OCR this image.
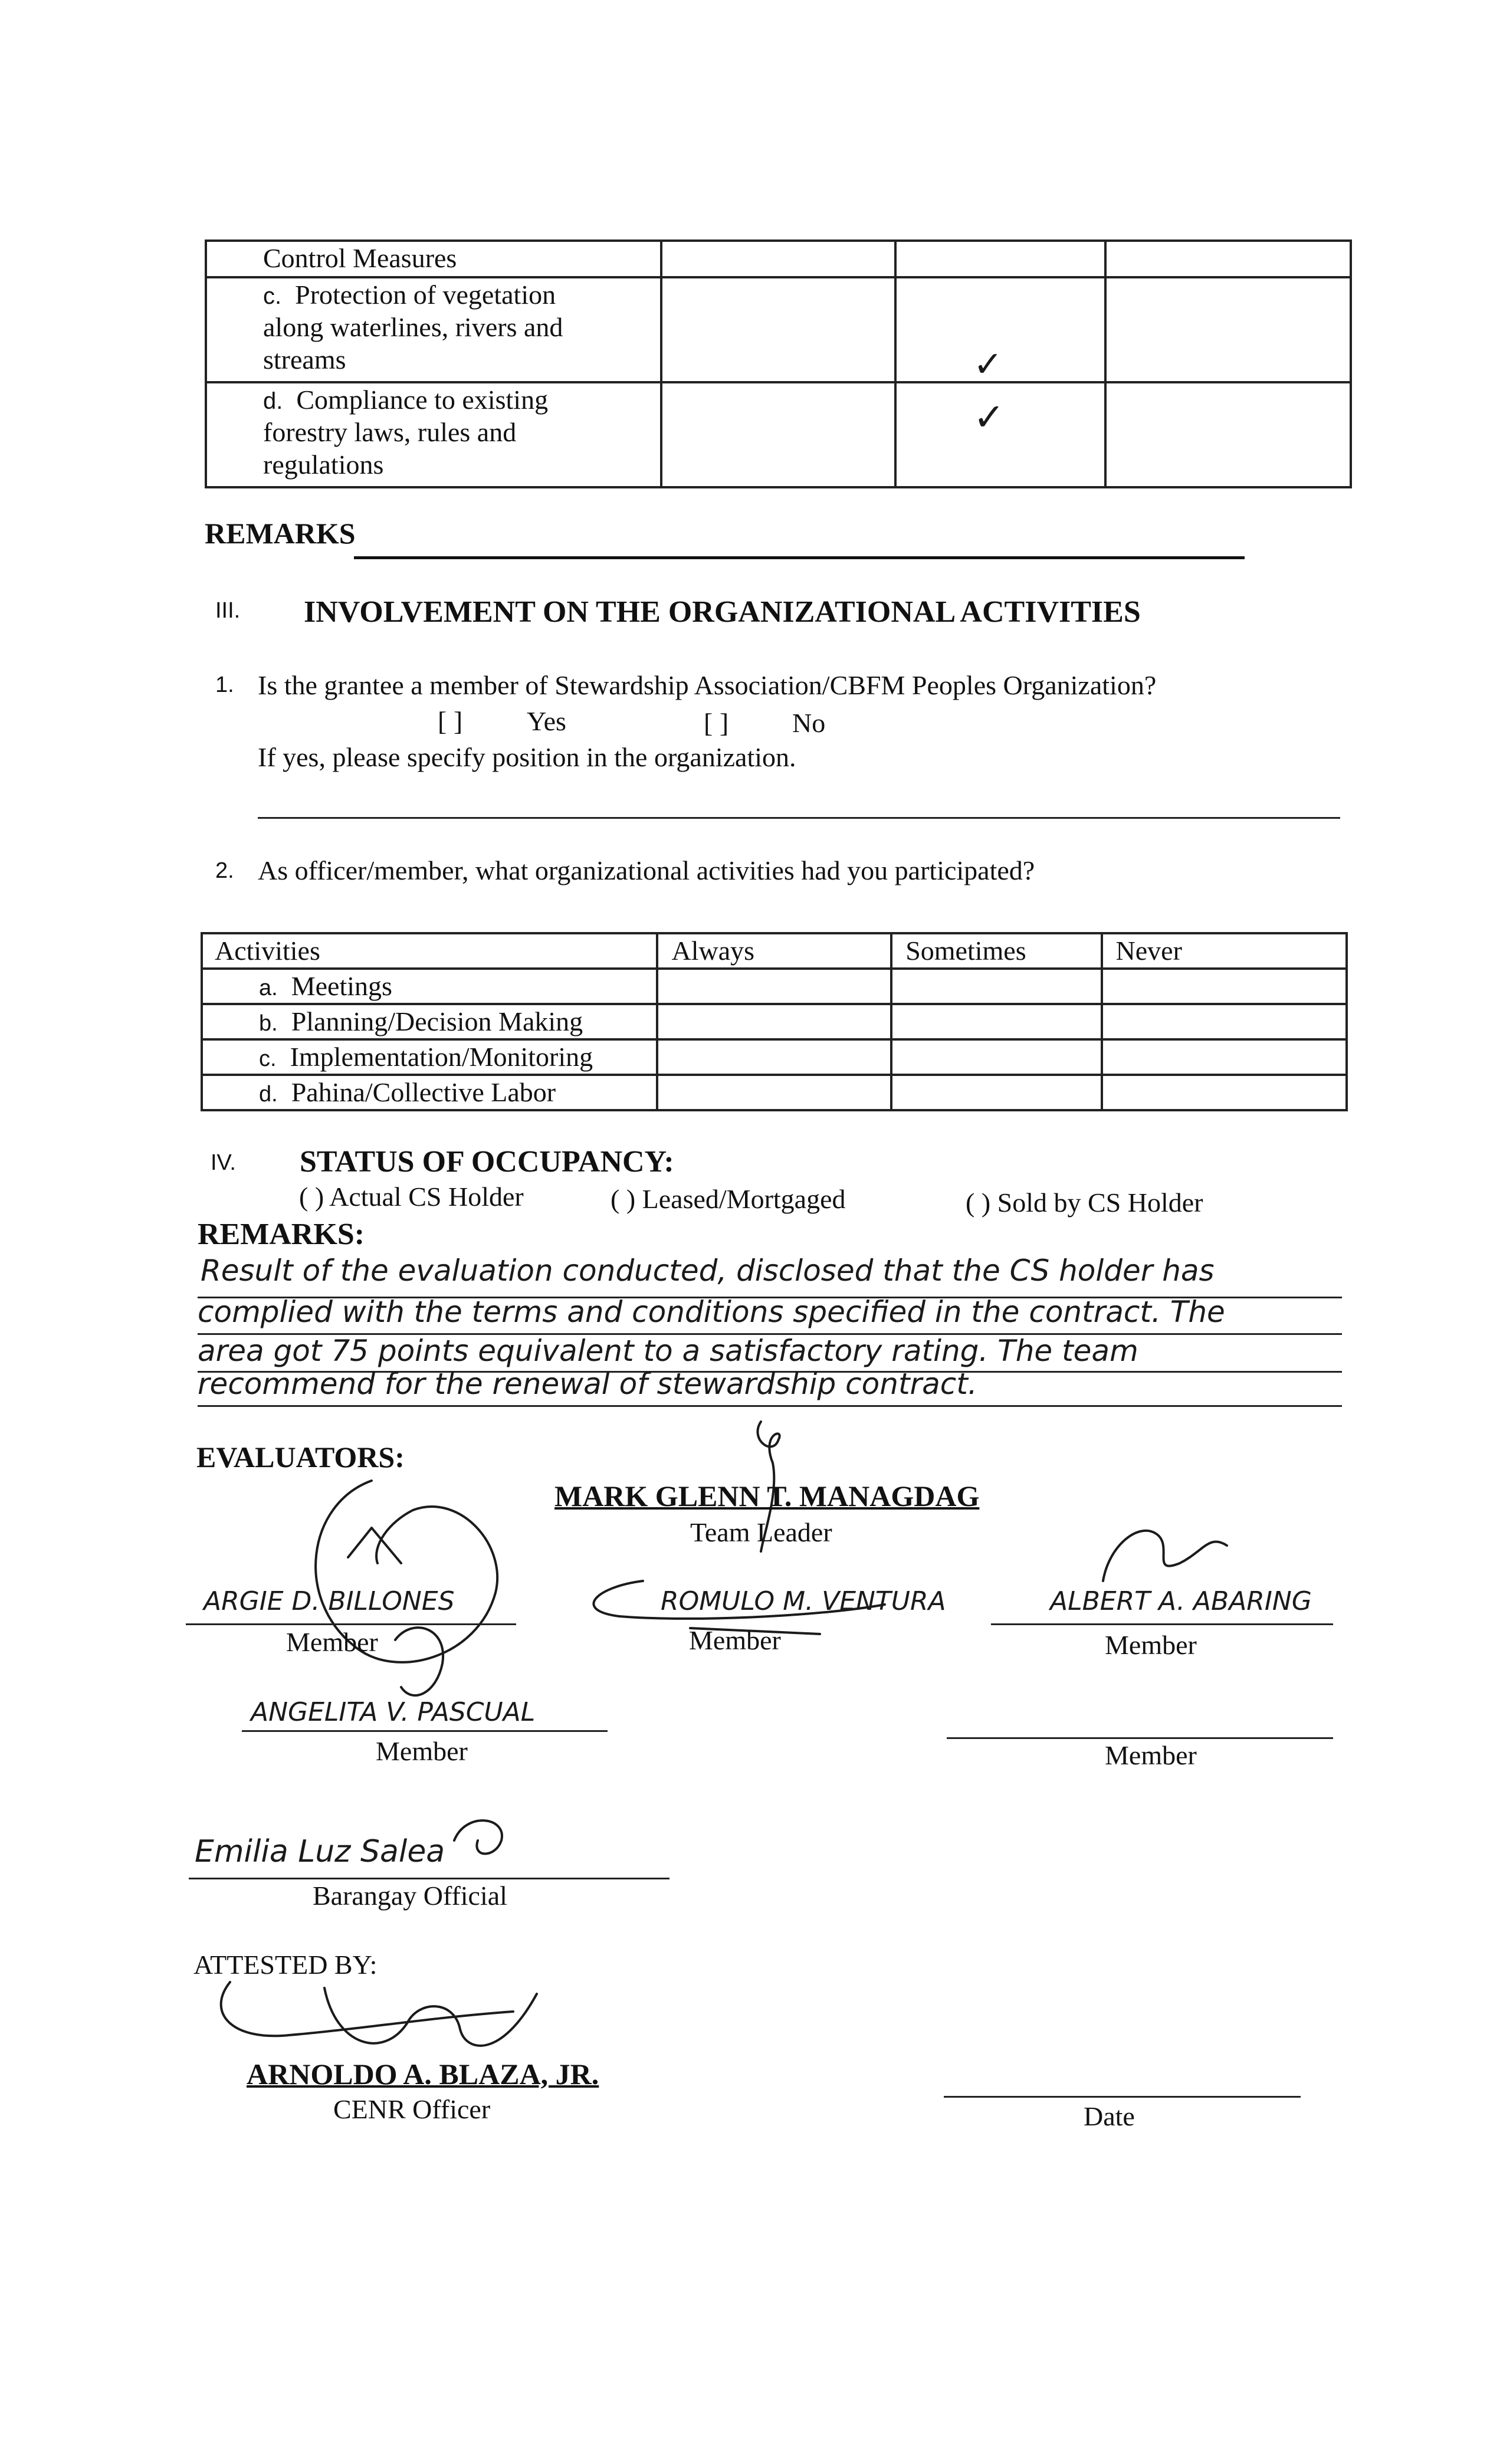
Control Measures			

c. Protection of vegetation
along waterlines, rivers and
streams		✓	

d. Compliance to existing
forestry laws, rules and
regulations		✓	

REMARKS
III. INVOLVEMENT ON THE ORGANIZATIONAL ACTIVITIES
1. Is the grantee a member of Stewardship Association/CBFM Peoples Organization?
[ ] Yes	[ ] No
If yes, please specify position in the organization.
2. As officer/member, what organizational activities had you participated?
Activities	Always	Sometimes	Never
a. Meetings			
b. Planning/Decision Making			
c. Implementation/Monitoring			
d. Pahina/Collective Labor			
IV. STATUS OF OCCUPANCY:
( ) Actual CS Holder	( ) Leased/Mortgaged	( ) Sold by CS Holder
REMARKS:
Result of the evaluation conducted, disclosed that the CS holder has
complied with the terms and conditions specified in the contract. The
area got 75 points equivalent to a satisfactory rating. The team
recommend for the renewal of stewardship contract.
EVALUATORS:
MARK GLENN T. MANAGDAG
Team Leader
ARGIE D. BILLONES
Member
ROMULO M. VENTURA
Member
ALBERT A. ABARING
Member
ANGELITA V. PASCUAL
Member	Member
Emilia Luz Salea
Barangay Official
ATTESTED BY:
ARNOLDO A. BLAZA, JR.
CENR Officer	Date
